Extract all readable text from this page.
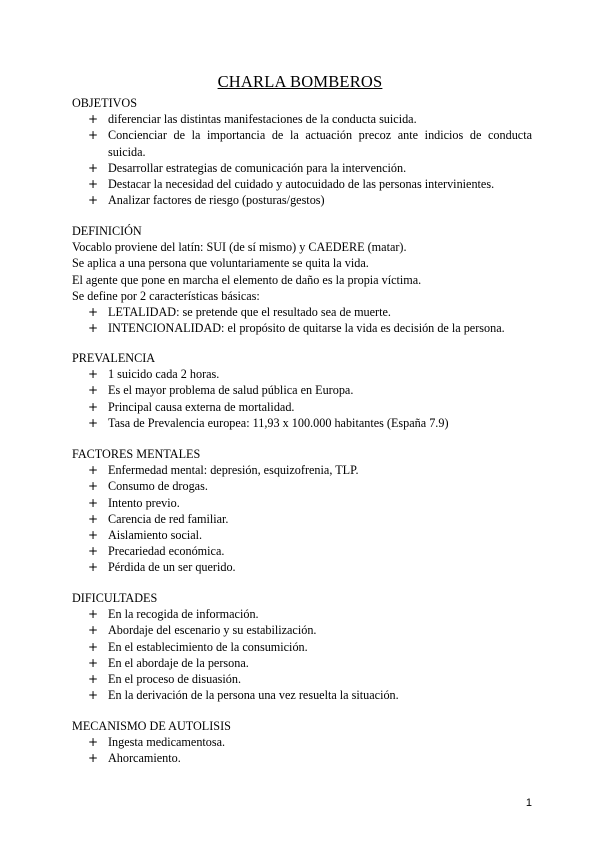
CHARLA BOMBEROS
OBJETIVOS
+ diferenciar las distintas manifestaciones de la conducta suicida.
+ Concienciar de la importancia de la actuación precoz ante indicios de conducta suicida.
+ Desarrollar estrategias de comunicación para la intervención.
+ Destacar la necesidad del cuidado y autocuidado de las personas intervinientes.
+ Analizar factores de riesgo (posturas/gestos)
DEFINICIÓN
Vocablo proviene del latín: SUI (de sí mismo) y CAEDERE (matar).
Se aplica a una persona que voluntariamente se quita la vida.
El agente que pone en marcha el elemento de daño es la propia víctima.
Se define por 2 características básicas:
+ LETALIDAD: se pretende que el resultado sea de muerte.
+ INTENCIONALIDAD: el propósito de quitarse la vida es decisión de la persona.
PREVALENCIA
+ 1 suicido cada 2 horas.
+ Es el mayor problema de salud pública en Europa.
+ Principal causa externa de mortalidad.
+ Tasa de Prevalencia europea: 11,93 x 100.000 habitantes (España 7.9)
FACTORES MENTALES
+ Enfermedad mental: depresión, esquizofrenia, TLP.
+ Consumo de drogas.
+ Intento previo.
+ Carencia de red familiar.
+ Aislamiento social.
+ Precariedad económica.
+ Pérdida de un ser querido.
DIFICULTADES
+ En la recogida de información.
+ Abordaje del escenario y su estabilización.
+ En el establecimiento de la consumición.
+ En el abordaje de la persona.
+ En el proceso de disuasión.
+ En la derivación de la persona una vez resuelta la situación.
MECANISMO DE AUTOLISIS
+ Ingesta medicamentosa.
+ Ahorcamiento.
1
